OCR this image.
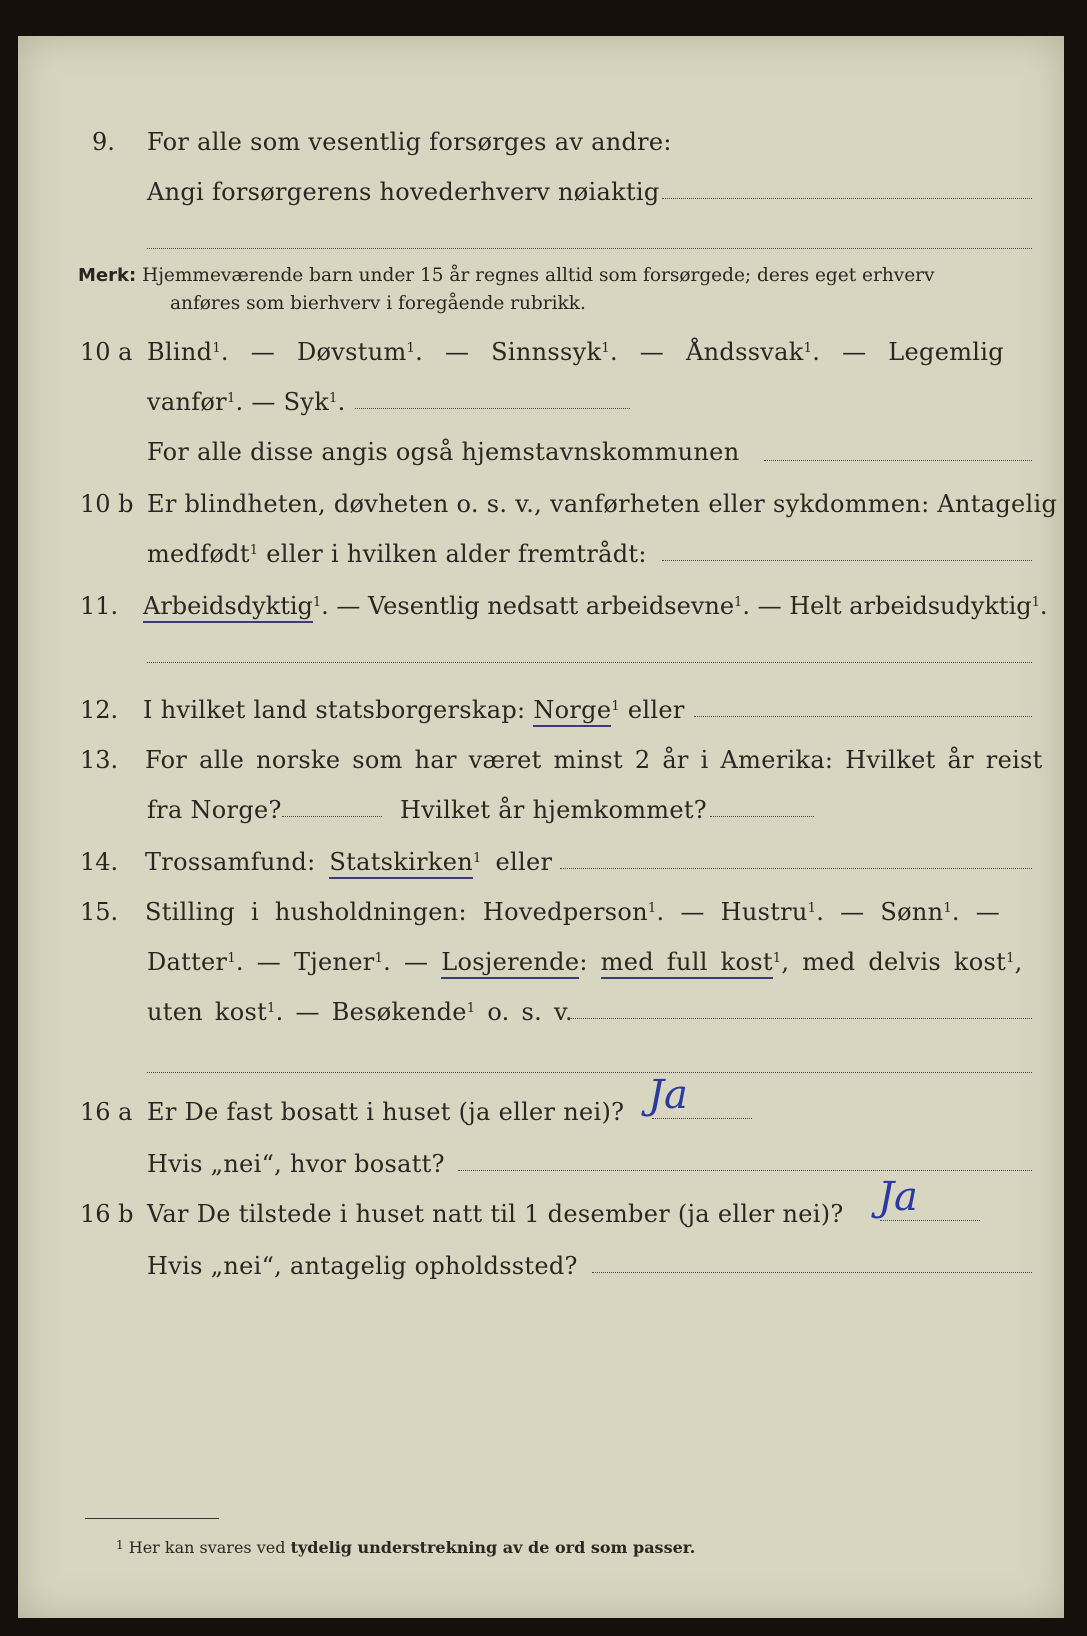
9. For alle som vesentlig forsørges av andre:
Angi forsørgerens hovederhverv nøiaktig
Merk: Hjemmeværende barn under 15 år regnes alltid som forsørgede; deres eget erhverv
anføres som bierhverv i foregående rubrikk.
10 a Blind$^1$. — Døvstum$^1$. — Sinnssyk$^1$. — Åndssvak$^1$. — Legemlig
vanfør$^1$. — Syk$^1$.
For alle disse angis også hjemstavnskommunen
10 b Er blindheten, døvheten o. s. v., vanførheten eller sykdommen: Antagelig
medfødt$^1$ eller i hvilken alder fremtrådt:
11. Arbeidsdyktig$^1$. — Vesentlig nedsatt arbeidsevne$^1$. — Helt arbeidsudyktig$^1$.
12. I hvilket land statsborgerskap: Norge$^1$ eller
13. For alle norske som har været minst 2 år i Amerika: Hvilket år reist
fra Norge?	Hvilket år hjemkommet?
14. Trossamfund: Statskirken$^1$ eller
15. Stilling i husholdningen: Hovedperson$^1$. — Hustru$^1$. — Sønn$^1$. —
Datter$^1$. — Tjener$^1$. — Losjerende: med full kost$^1$, med delvis kost$^1$,
uten kost$^1$. — Besøkende$^1$ o. s. v.
16 a Er De fast bosatt i huset (ja eller nei)? Ja
Hvis „nei“, hvor bosatt?
16 b Var De tilstede i huset natt til 1 desember (ja eller nei)? Ja
Hvis „nei“, antagelig opholdssted?
$^1$ Her kan svares ved tydelig understrekning av de ord som passer.
